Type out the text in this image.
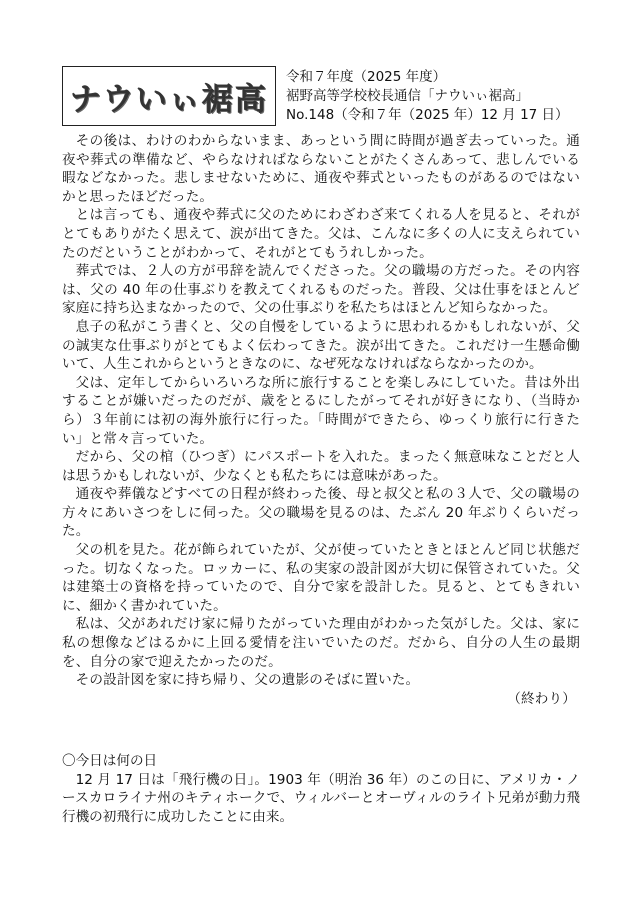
ナウいぃ裾高
令和７年度（2025 年度）
裾野高等学校校長通信「ナウいぃ裾高」
No.148（令和７年（2025 年）12 月 17 日）

その後は、わけのわからないまま、あっという間に時間が過ぎ去っていった。通夜や葬式の準備など、やらなければならないことがたくさんあって、悲しんでいる暇などなかった。悲しませないために、通夜や葬式といったものがあるのではないかと思ったほどだった。

とは言っても、通夜や葬式に父のためにわざわざ来てくれる人を見ると、それがとてもありがたく思えて、涙が出てきた。父は、こんなに多くの人に支えられていたのだということがわかって、それがとてもうれしかった。

葬式では、２人の方が弔辞を読んでくださった。父の職場の方だった。その内容は、父の 40 年の仕事ぶりを教えてくれるものだった。普段、父は仕事をほとんど家庭に持ち込まなかったので、父の仕事ぶりを私たちはほとんど知らなかった。

息子の私がこう書くと、父の自慢をしているように思われるかもしれないが、父の誠実な仕事ぶりがとてもよく伝わってきた。涙が出てきた。これだけ一生懸命働いて、人生これからというときなのに、なぜ死ななければならなかったのか。

父は、定年してからいろいろな所に旅行することを楽しみにしていた。昔は外出することが嫌いだったのだが、歳をとるにしたがってそれが好きになり、（当時から）３年前には初の海外旅行に行った。「時間ができたら、ゆっくり旅行に行きたい」と常々言っていた。

だから、父の棺（ひつぎ）にパスポートを入れた。まったく無意味なことだと人は思うかもしれないが、少なくとも私たちには意味があった。

通夜や葬儀などすべての日程が終わった後、母と叔父と私の３人で、父の職場の方々にあいさつをしに伺った。父の職場を見るのは、たぶん 20 年ぶりくらいだった。

父の机を見た。花が飾られていたが、父が使っていたときとほとんど同じ状態だった。切なくなった。ロッカーに、私の実家の設計図が大切に保管されていた。父は建築士の資格を持っていたので、自分で家を設計した。見ると、とてもきれいに、細かく書かれていた。

私は、父があれだけ家に帰りたがっていた理由がわかった気がした。父は、家に私の想像などはるかに上回る愛情を注いでいたのだ。だから、自分の人生の最期を、自分の家で迎えたかったのだ。

その設計図を家に持ち帰り、父の遺影のそばに置いた。

（終わり）
〇今日は何の日

12 月 17 日は「飛行機の日」。1903 年（明治 36 年）のこの日に、アメリカ・ノースカロライナ州のキティホークで、ウィルバーとオーヴィルのライト兄弟が動力飛行機の初飛行に成功したことに由来。
